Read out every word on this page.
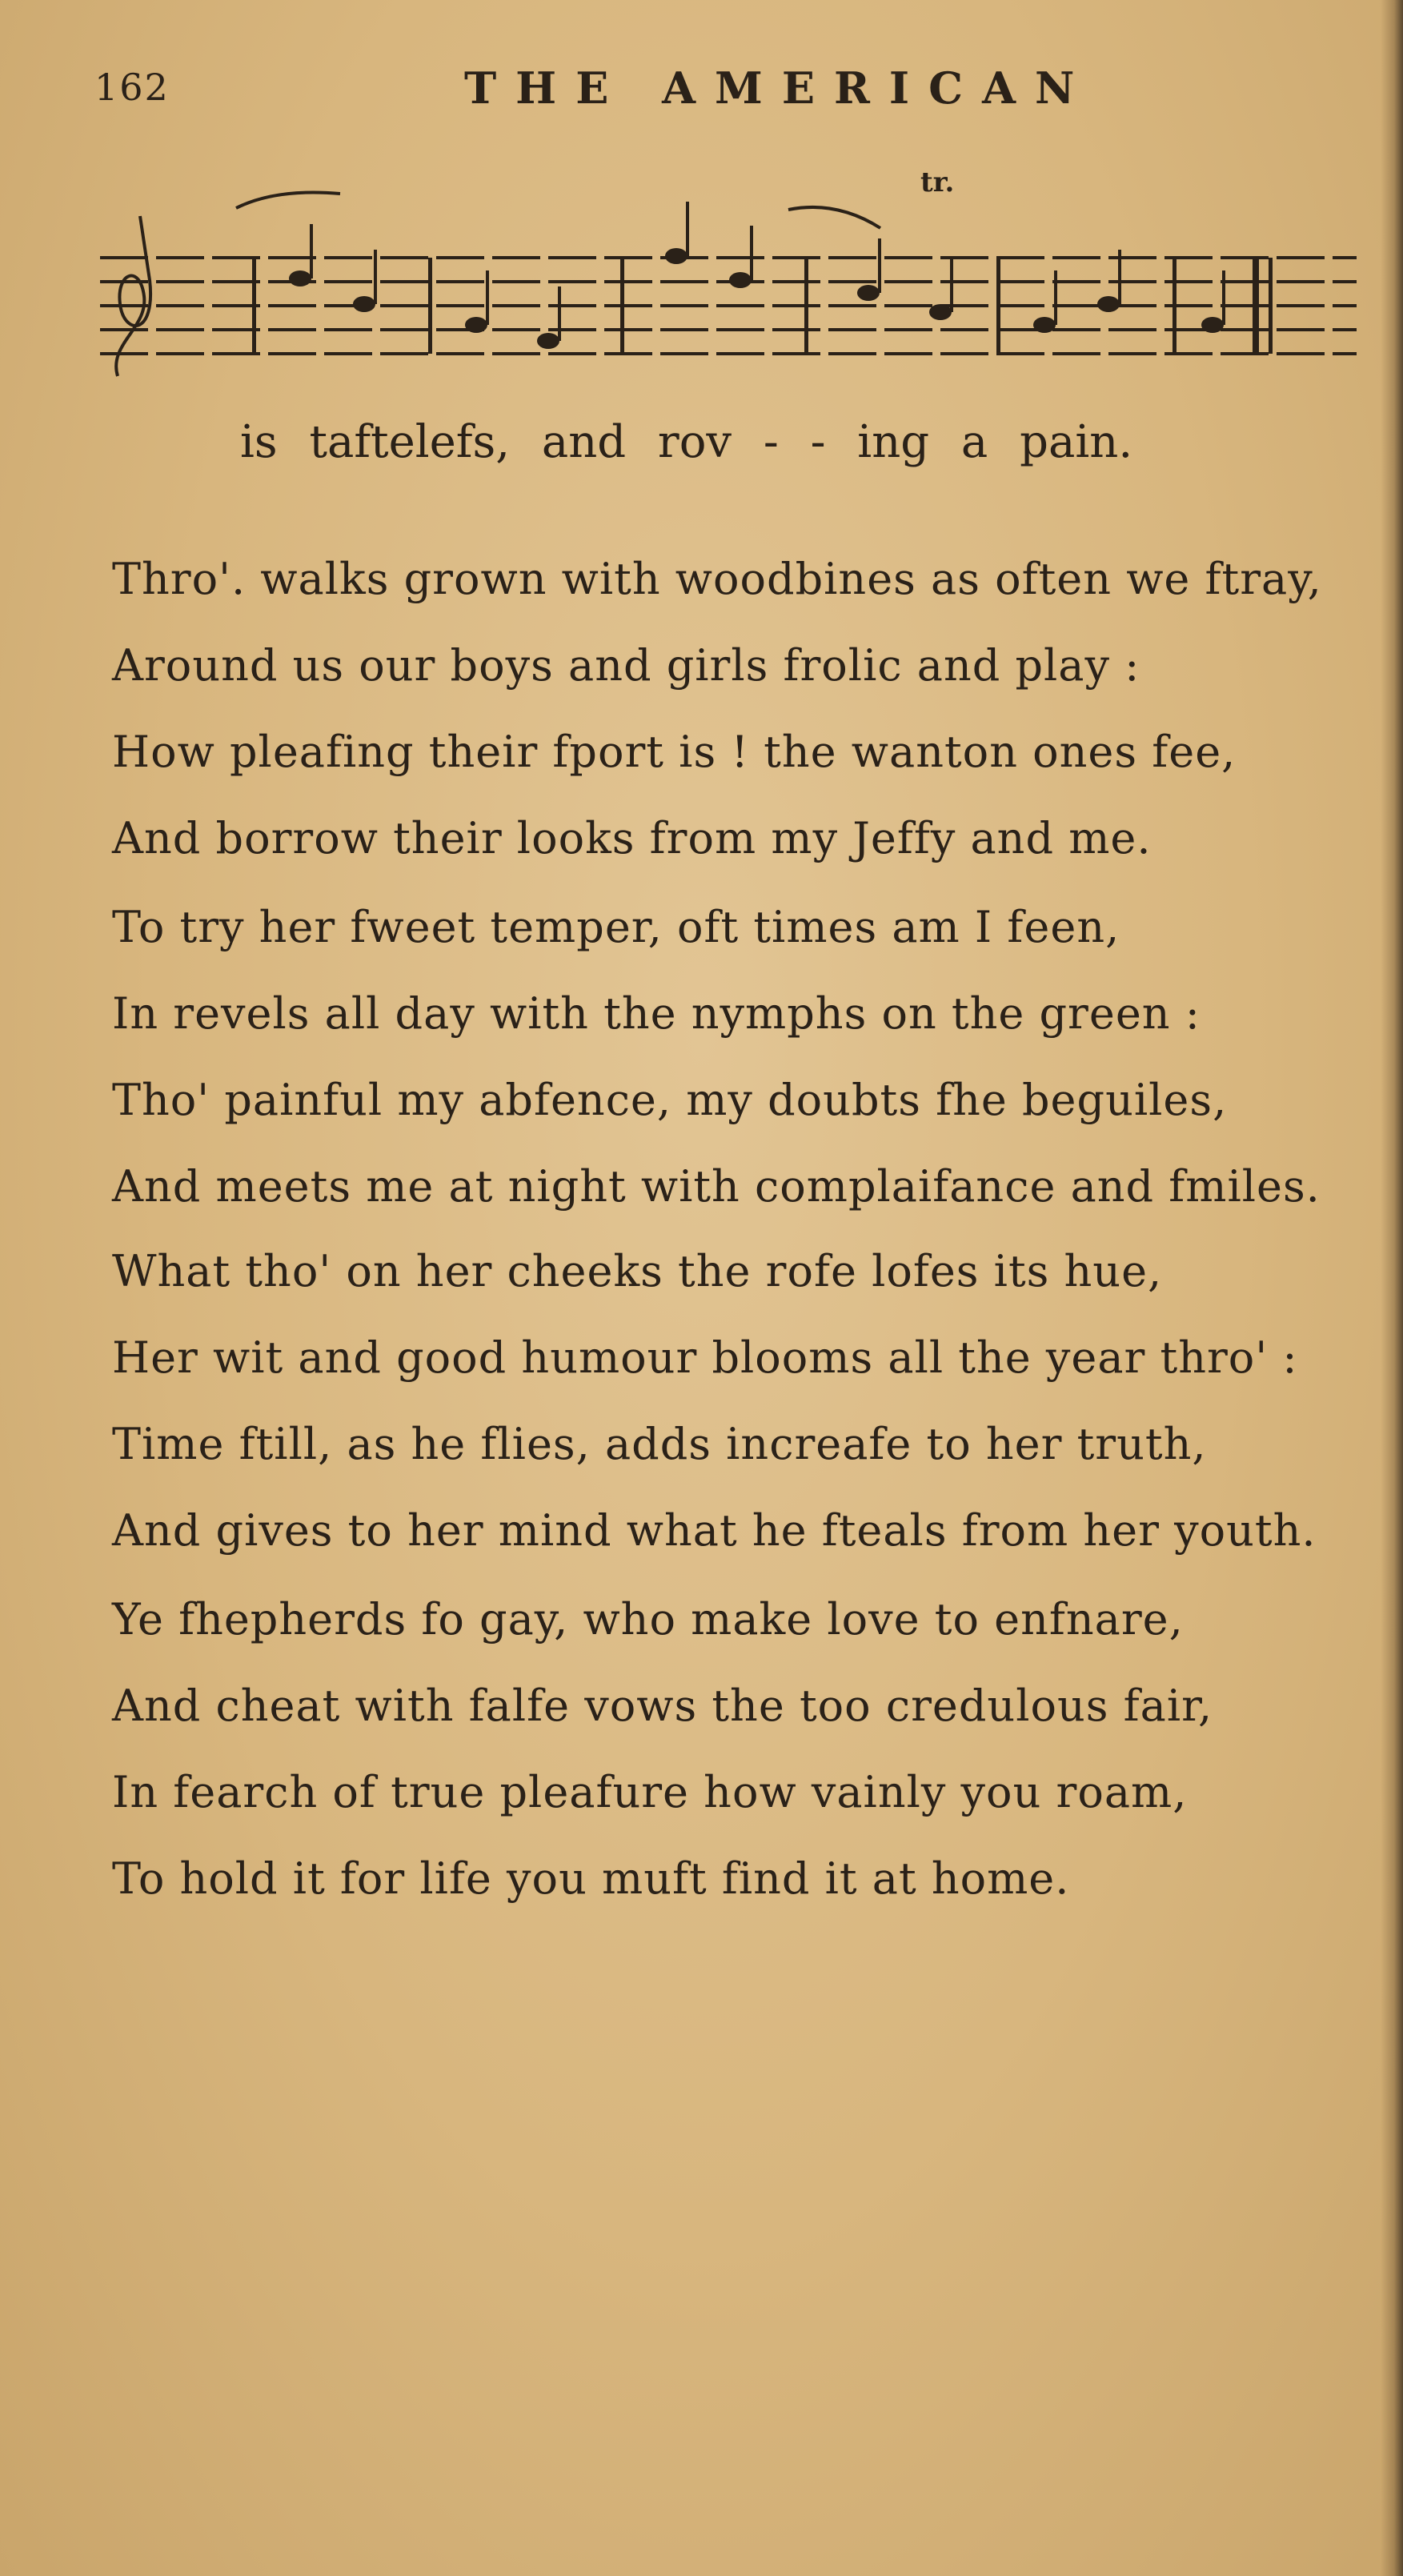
162	THE AMERICAN
tr.
is taftelefs, and rov - - ing a pain.
Thro'. walks grown with woodbines as often we ftray,
Around us our boys and girls frolic and play :
How pleafing their fport is ! the wanton ones fee,
And borrow their looks from my Jeffy and me.
To try her fweet temper, oft times am I feen,
In revels all day with the nymphs on the green :
Tho' painful my abfence, my doubts fhe beguiles,
And meets me at night with complaifance and fmiles.
What tho' on her cheeks the rofe lofes its hue,
Her wit and good humour blooms all the year thro' :
Time ftill, as he flies, adds increafe to her truth,
And gives to her mind what he fteals from her youth.
Ye fhepherds fo gay, who make love to enfnare,
And cheat with falfe vows the too credulous fair,
In fearch of true pleafure how vainly you roam,
To hold it for life you muft find it at home.
